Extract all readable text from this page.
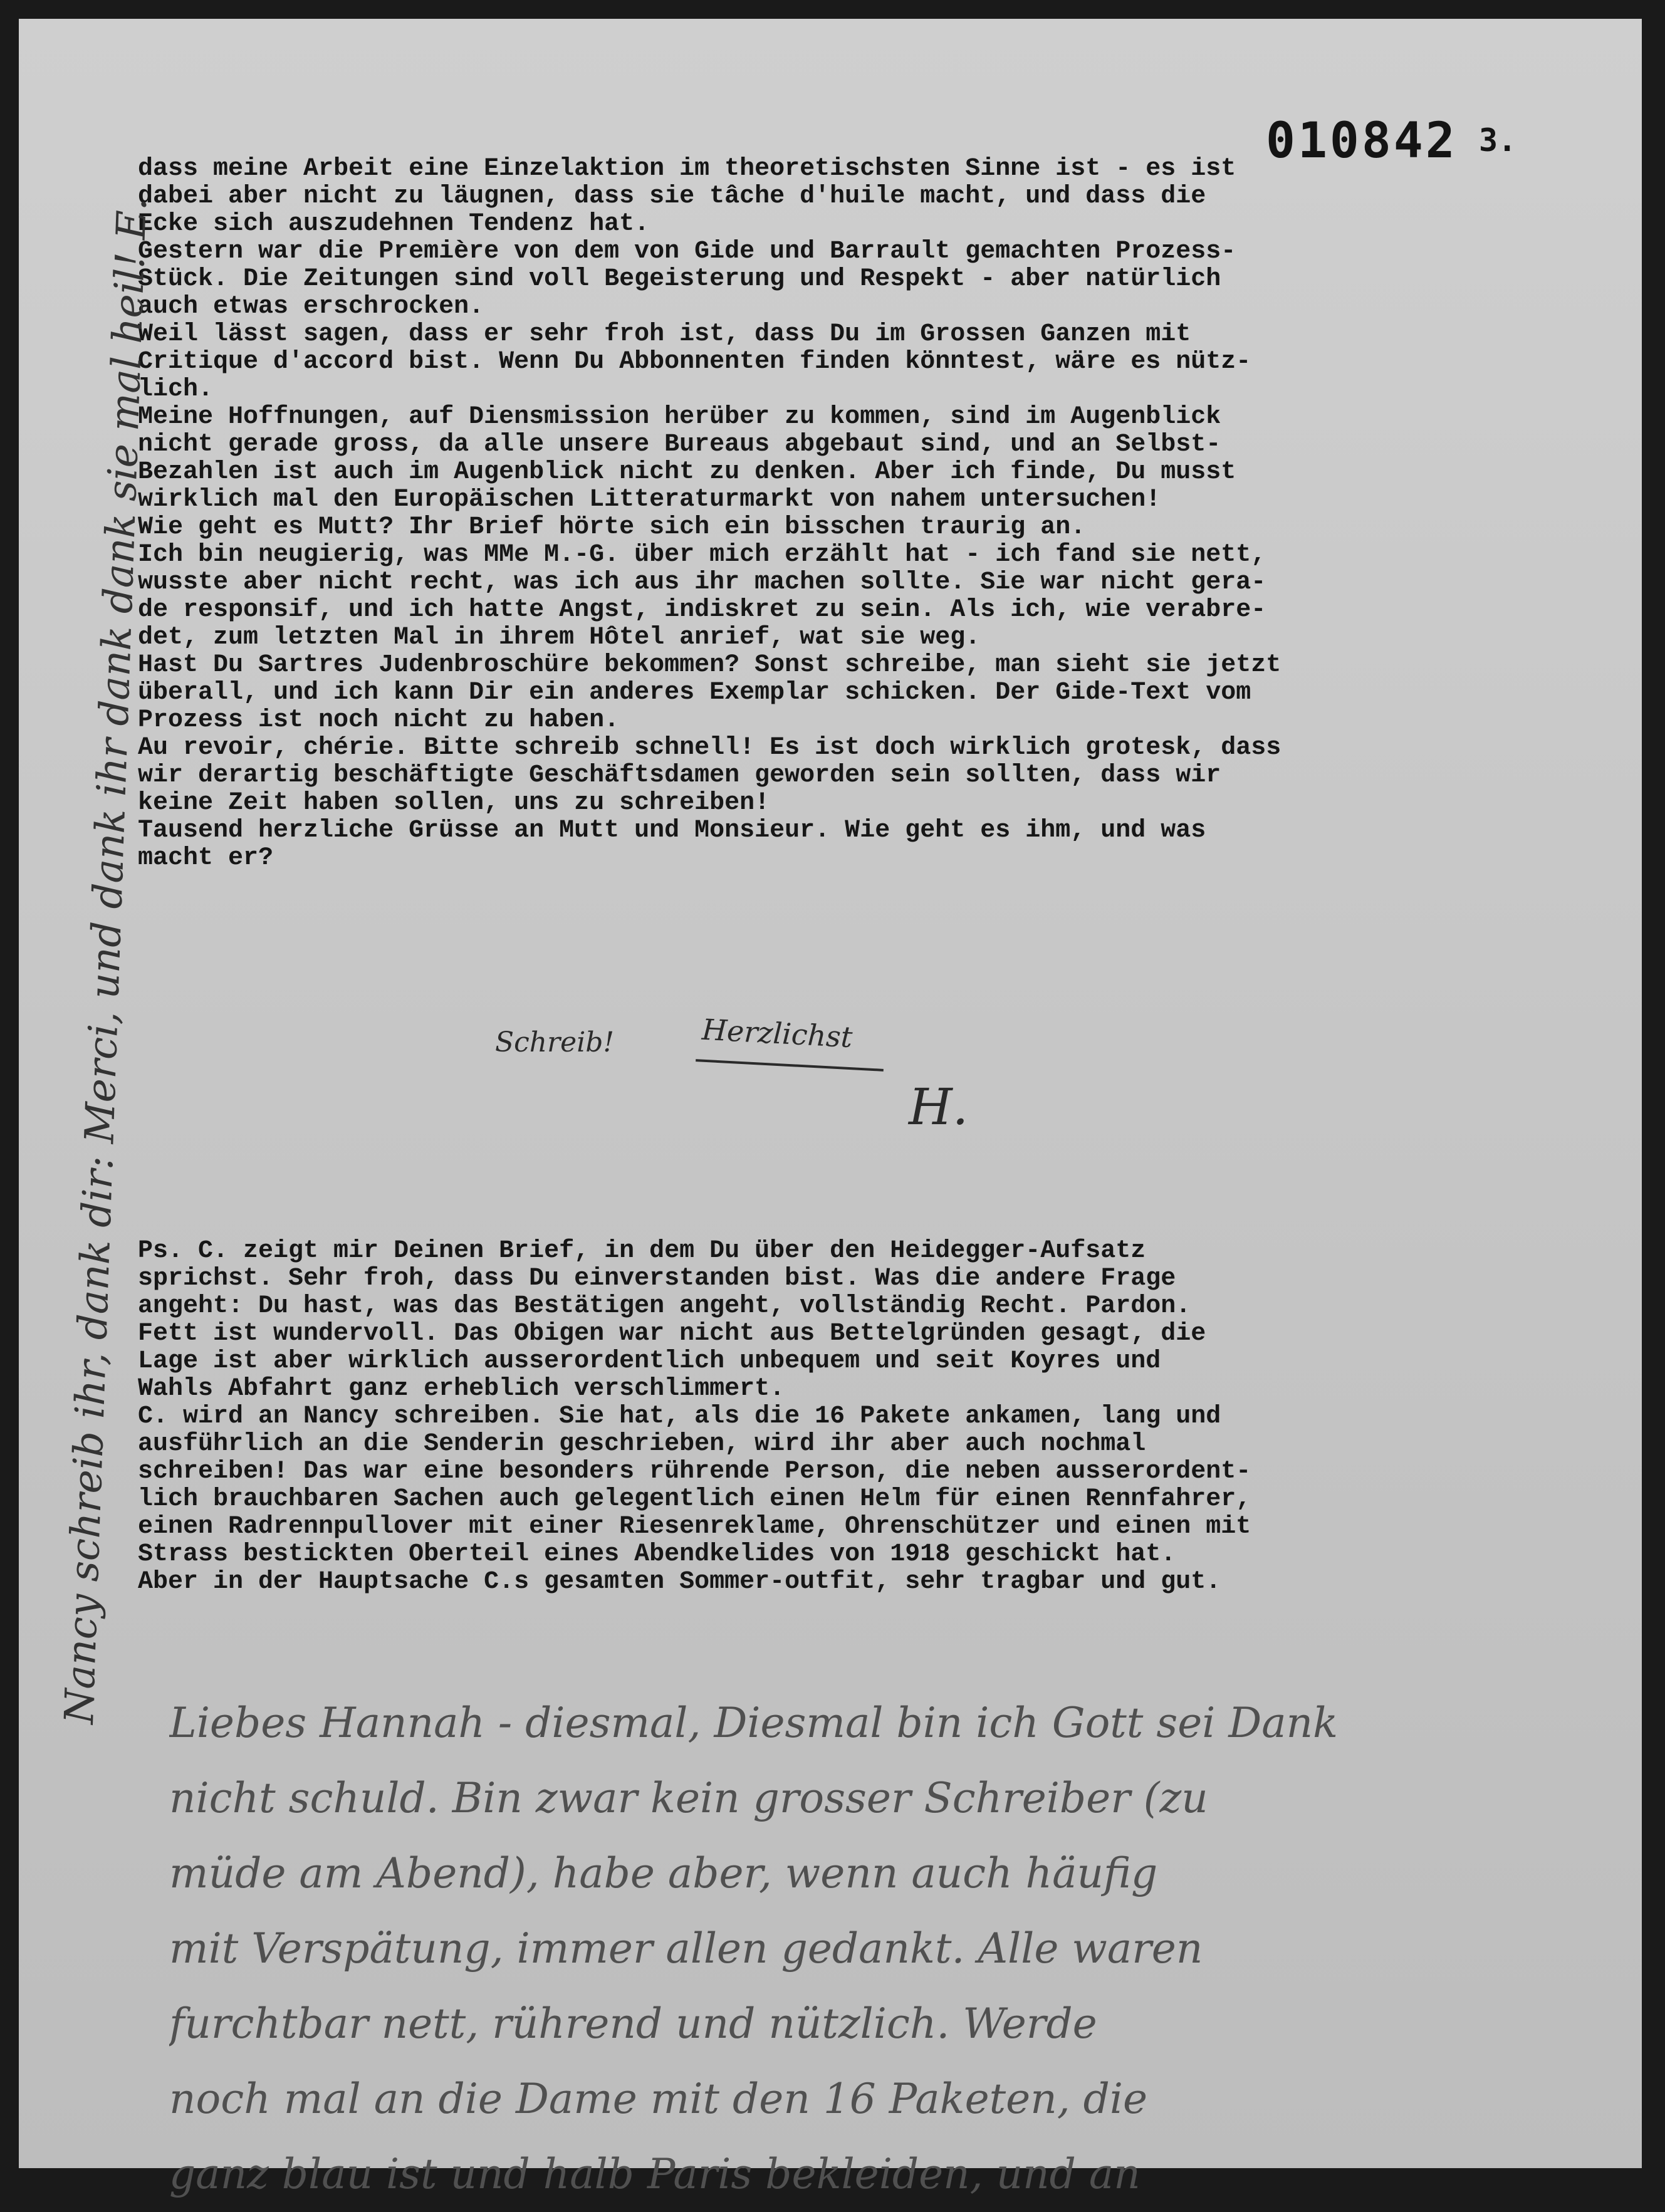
010842 3.
dass meine Arbeit eine Einzelaktion im theoretischsten Sinne ist - es ist
dabei aber nicht zu läugnen, dass sie tâche d'huile macht, und dass die
Ecke sich auszudehnen Tendenz hat.
Gestern war die Première von dem von Gide und Barrault gemachten Prozess-
Stück. Die Zeitungen sind voll Begeisterung und Respekt - aber natürlich
auch etwas erschrocken.
Weil lässt sagen, dass er sehr froh ist, dass Du im Grossen Ganzen mit
Critique d'accord bist. Wenn Du Abbonnenten finden könntest, wäre es nütz-
lich.
Meine Hoffnungen, auf Diensmission herüber zu kommen, sind im Augenblick
nicht gerade gross, da alle unsere Bureaus abgebaut sind, und an Selbst-
Bezahlen ist auch im Augenblick nicht zu denken. Aber ich finde, Du musst
wirklich mal den Europäischen Litteraturmarkt von nahem untersuchen!
Wie geht es Mutt? Ihr Brief hörte sich ein bisschen traurig an.
Ich bin neugierig, was MMe M.-G. über mich erzählt hat - ich fand sie nett,
wusste aber nicht recht, was ich aus ihr machen sollte. Sie war nicht gera-
de responsif, und ich hatte Angst, indiskret zu sein. Als ich, wie verabre-
det, zum letzten Mal in ihrem Hôtel anrief, wat sie weg.
Hast Du Sartres Judenbroschüre bekommen? Sonst schreibe, man sieht sie jetzt
überall, und ich kann Dir ein anderes Exemplar schicken. Der Gide-Text vom
Prozess ist noch nicht zu haben.
Au revoir, chérie. Bitte schreib schnell! Es ist doch wirklich grotesk, dass
wir derartig beschäftigte Geschäftsdamen geworden sein sollten, dass wir
keine Zeit haben sollen, uns zu schreiben!
Tausend herzliche Grüsse an Mutt und Monsieur. Wie geht es ihm, und was
macht er?
Schreib!	Herzlichst
H.
Ps. C. zeigt mir Deinen Brief, in dem Du über den Heidegger-Aufsatz
sprichst. Sehr froh, dass Du einverstanden bist. Was die andere Frage
angeht: Du hast, was das Bestätigen angeht, vollständig Recht. Pardon.
Fett ist wundervoll. Das Obigen war nicht aus Bettelgründen gesagt, die
Lage ist aber wirklich ausserordentlich unbequem und seit Koyres und
Wahls Abfahrt ganz erheblich verschlimmert.
C. wird an Nancy schreiben. Sie hat, als die 16 Pakete ankamen, lang und
ausführlich an die Senderin geschrieben, wird ihr aber auch nochmal
schreiben! Das war eine besonders rührende Person, die neben ausserordent-
lich brauchbaren Sachen auch gelegentlich einen Helm für einen Rennfahrer,
einen Radrennpullover mit einer Riesenreklame, Ohrenschützer und einen mit
Strass bestickten Oberteil eines Abendkelides von 1918 geschickt hat.
Aber in der Hauptsache C.s gesamten Sommer-outfit, sehr tragbar und gut.
Liebes Hannah - diesmal, Diesmal bin ich Gott sei Dank
nicht schuld. Bin zwar kein grosser Schreiber (zu
müde am Abend), habe aber, wenn auch häufig
mit Verspätung, immer allen gedankt. Alle waren
furchtbar nett, rührend und nützlich. Werde
noch mal an die Dame mit den 16 Paketen, die
ganz blau ist und halb Paris bekleiden, und an
Nancy schreib ihr, dank dir: Merci, und dank ihr dank dank sie mal heil! E.
